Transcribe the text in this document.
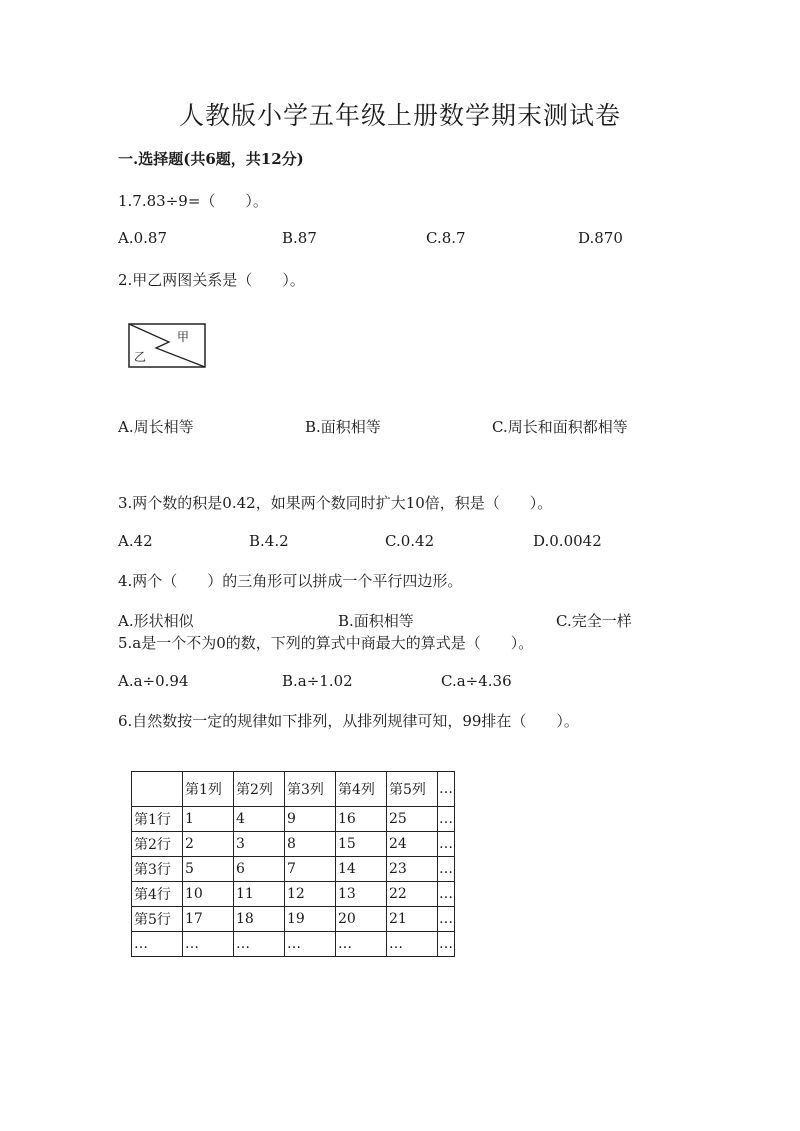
人教版小学五年级上册数学期末测试卷
一.选择题(共6题，共12分)
1.7.83÷9=（　　）。
A.0.87	B.87	C.8.7	D.870
2.甲乙两图关系是（　　）。
甲
乙
A.周长相等	B.面积相等	C.周长和面积都相等
3.两个数的积是0.42，如果两个数同时扩大10倍，积是（　　）。
A.42	B.4.2	C.0.42	D.0.0042
4.两个（　　）的三角形可以拼成一个平行四边形。
A.形状相似	B.面积相等	C.完全一样
5.a是一个不为0的数，下列的算式中商最大的算式是（　　）。
A.a÷0.94	B.a÷1.02	C.a÷4.36
6.自然数按一定的规律如下排列，从排列规律可知，99排在（　　）。
	第1列	第2列	第3列	第4列	第5列	…
第1行	1	4	9	16	25	…
第2行	2	3	8	15	24	…
第3行	5	6	7	14	23	…
第4行	10	11	12	13	22	…
第5行	17	18	19	20	21	…
…	…	…	…	…	…	…
